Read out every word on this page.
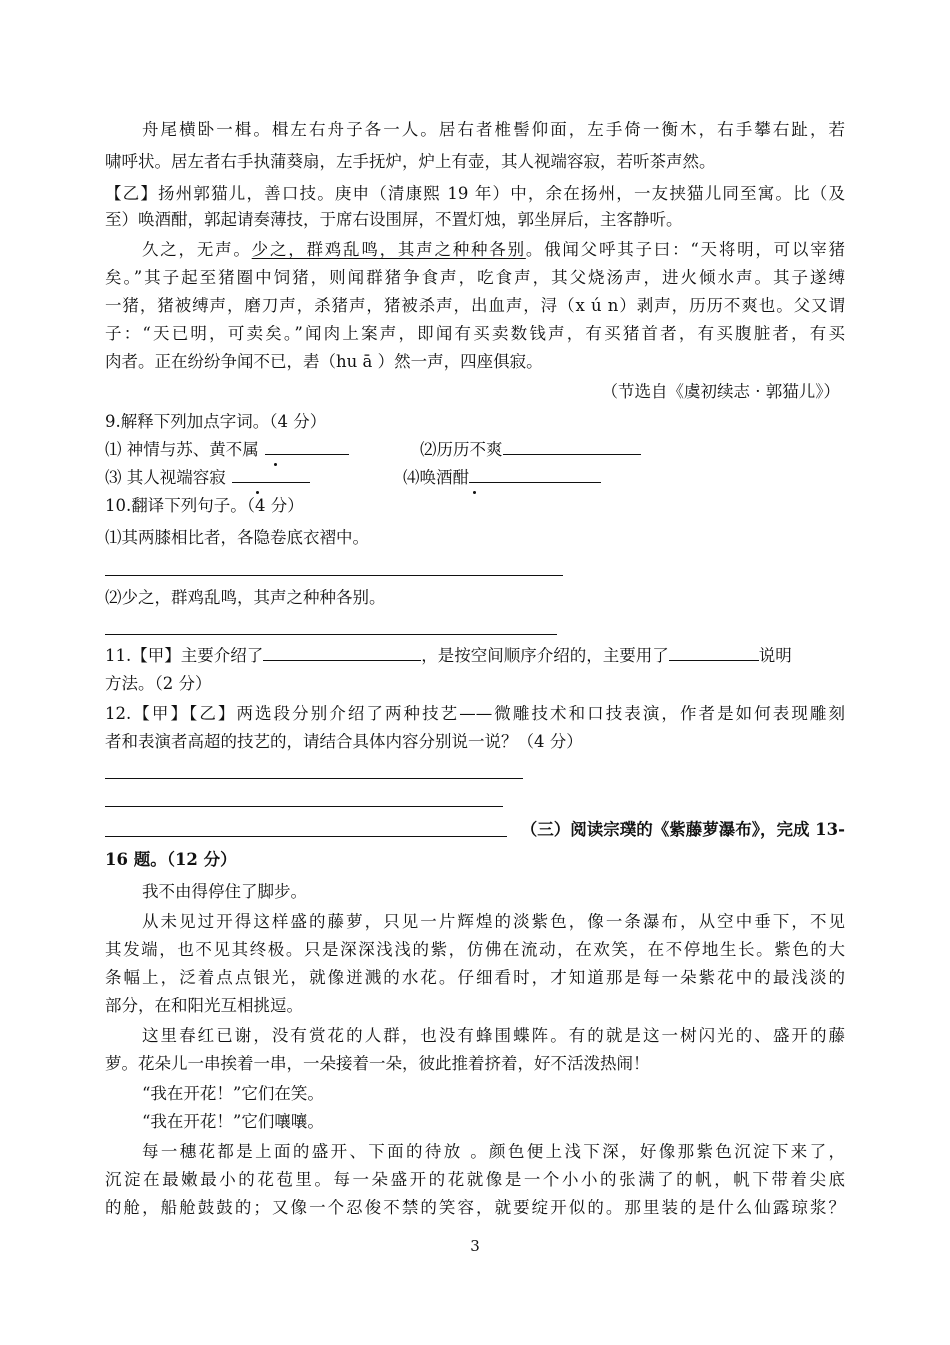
舟尾横卧一楫。楫左右舟子各一人。居右者椎髻仰面，左手倚一衡木，右手攀右趾，若
啸呼状。居左者右手执蒲葵扇，左手抚炉，炉上有壶，其人视端容寂，若听茶声然。
【乙】扬州郭猫儿，善口技。庚申（清康熙 19 年）中，余在扬州，一友挟猫儿同至寓。比（及
至）唤酒酣，郭起请奏薄技，于席右设围屏，不置灯烛，郭坐屏后，主客静听。
久之，无声。少之，群鸡乱鸣，其声之种种各别。俄闻父呼其子曰：“天将明，可以宰猪
矣。”其子起至猪圈中饲猪，则闻群猪争食声，吃食声，其父烧汤声，进火倾水声。其子遂缚
一猪，猪被缚声，磨刀声，杀猪声，猪被杀声，出血声，浔（x ú n）剥声，历历不爽也。父又谓
子：“天已明，可卖矣。”闻肉上案声，即闻有买卖数钱声，有买猪首者，有买腹脏者，有买
肉者。正在纷纷争闻不已，砉（hu ā ）然一声，四座俱寂。
（节选自《虞初续志 · 郭猫儿》）
9.解释下列加点字词。（4 分）
⑴ 神情与苏、黄不属	⑵历历不爽
⑶ 其人视端容寂	⑷唤酒酣
10.翻译下列句子。（4 分）
⑴其两膝相比者，各隐卷底衣褶中。
⑵少之，群鸡乱鸣，其声之种种各别。
11.【甲】主要介绍了	，是按空间顺序介绍的，主要用了	说明
方法。（2 分）
12.【甲】【乙】两选段分别介绍了两种技艺——微雕技术和口技表演，作者是如何表现雕刻
者和表演者高超的技艺的，请结合具体内容分别说一说？（4 分）
（三）阅读宗璞的《紫藤萝瀑布》，完成 13-
16 题。（12 分）
我不由得停住了脚步。
从未见过开得这样盛的藤萝，只见一片辉煌的淡紫色，像一条瀑布，从空中垂下，不见
其发端，也不见其终极。只是深深浅浅的紫，仿佛在流动，在欢笑，在不停地生长。紫色的大
条幅上，泛着点点银光，就像迸溅的水花。仔细看时，才知道那是每一朵紫花中的最浅淡的
部分，在和阳光互相挑逗。
这里春红已谢，没有赏花的人群，也没有蜂围蝶阵。有的就是这一树闪光的、盛开的藤
萝。花朵儿一串挨着一串，一朵接着一朵，彼此推着挤着，好不活泼热闹！
“我在开花！”它们在笑。
“我在开花！”它们嚷嚷。
每一穗花都是上面的盛开、下面的待放 。颜色便上浅下深，好像那紫色沉淀下来了，
沉淀在最嫩最小的花苞里。每一朵盛开的花就像是一个小小的张满了的帆，帆下带着尖底
的舱，船舱鼓鼓的；又像一个忍俊不禁的笑容，就要绽开似的。那里装的是什么仙露琼浆？
3
